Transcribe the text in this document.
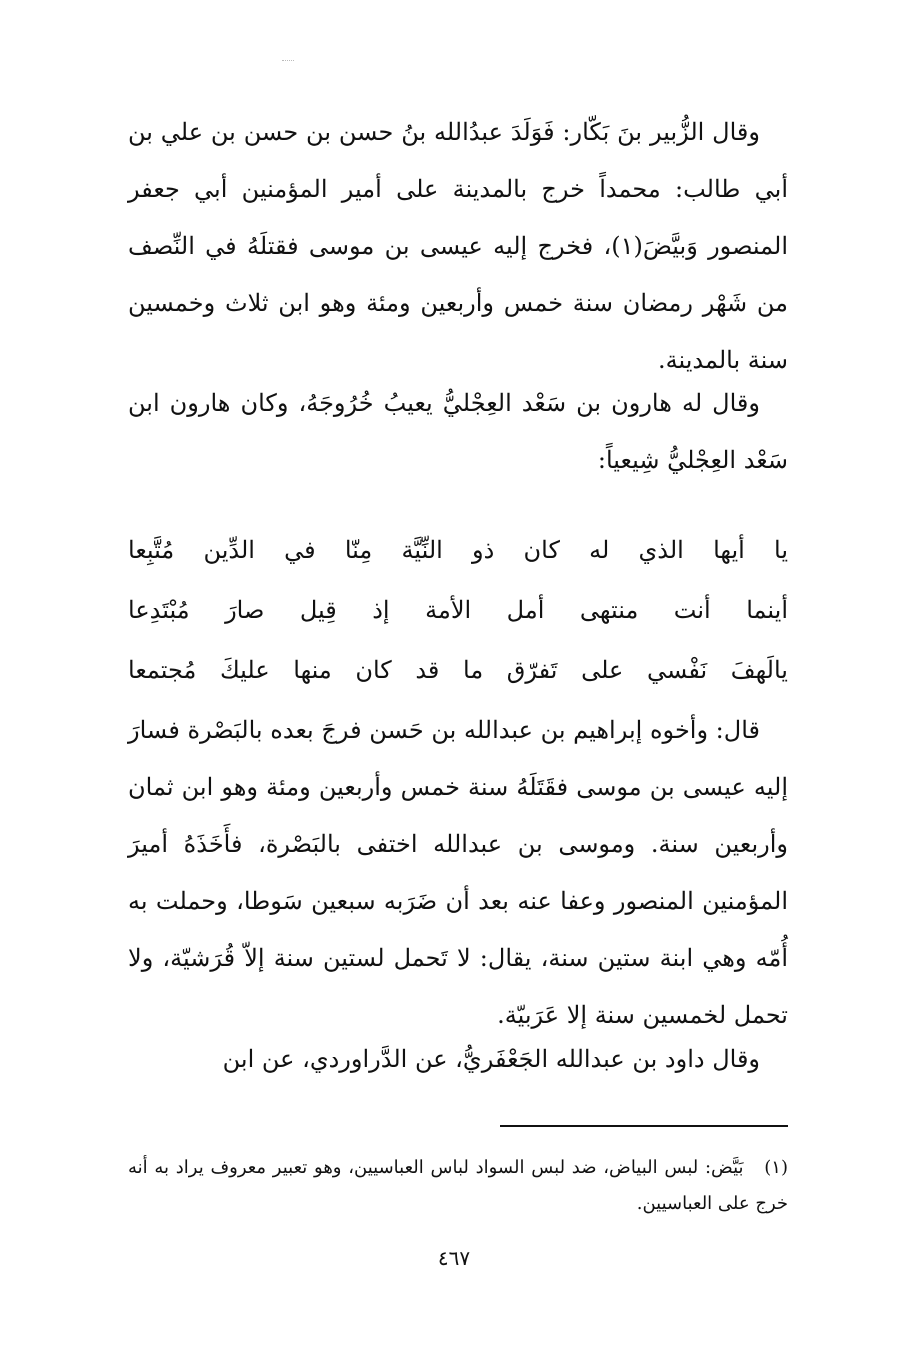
وقال الزُّبير بنَ بَكّار: فَوَلَدَ عبدُالله بنُ حسن بن حسن بن علي بن أبي طالب: محمداً خرج بالمدينة على أمير المؤمنين أبي جعفر المنصور وَبيَّضَ(١)، فخرج إليه عيسى بن موسى فقتلَهُ في النِّصف من شَهْر رمضان سنة خمس وأربعين ومئة وهو ابن ثلاث وخمسين سنة بالمدينة.

وقال له هارون بن سَعْد العِجْليُّ يعيبُ خُرُوجَهُ، وكان هارون ابن سَعْد العِجْليُّ شِيعياً:

يا أيها الذي له كان ذو النِّيَّة مِنّا في الدِّين مُتَّبِعا
أينما أنت منتهى أمل الأمة إذ قِيل صارَ مُبْتَدِعا
يالَهفَ نَفْسي على تَفرّق ما قد كان منها عليكَ مُجتمعا

قال: وأخوه إبراهيم بن عبدالله بن حَسن فرجَ بعده بالبَصْرة فسارَ إليه عيسى بن موسى فقَتَلَهُ سنة خمس وأربعين ومئة وهو ابن ثمان وأربعين سنة. وموسى بن عبدالله اختفى بالبَصْرة، فأَخَذَهُ أميرَ المؤمنين المنصور وعفا عنه بعد أن ضَرَبه سبعين سَوطا، وحملت به أُمّه وهي ابنة ستين سنة، يقال: لا تَحمل لستين سنة إلاّ قُرَشيّة، ولا تحمل لخمسين سنة إلا عَرَبيّة.

وقال داود بن عبدالله الجَعْفَريُّ، عن الدَّراوردي، عن ابن

(١) بَيَّض: لبس البياض، ضد لبس السواد لباس العباسيين، وهو تعبير معروف يراد به أنه خرج على العباسيين.
٤٦٧
